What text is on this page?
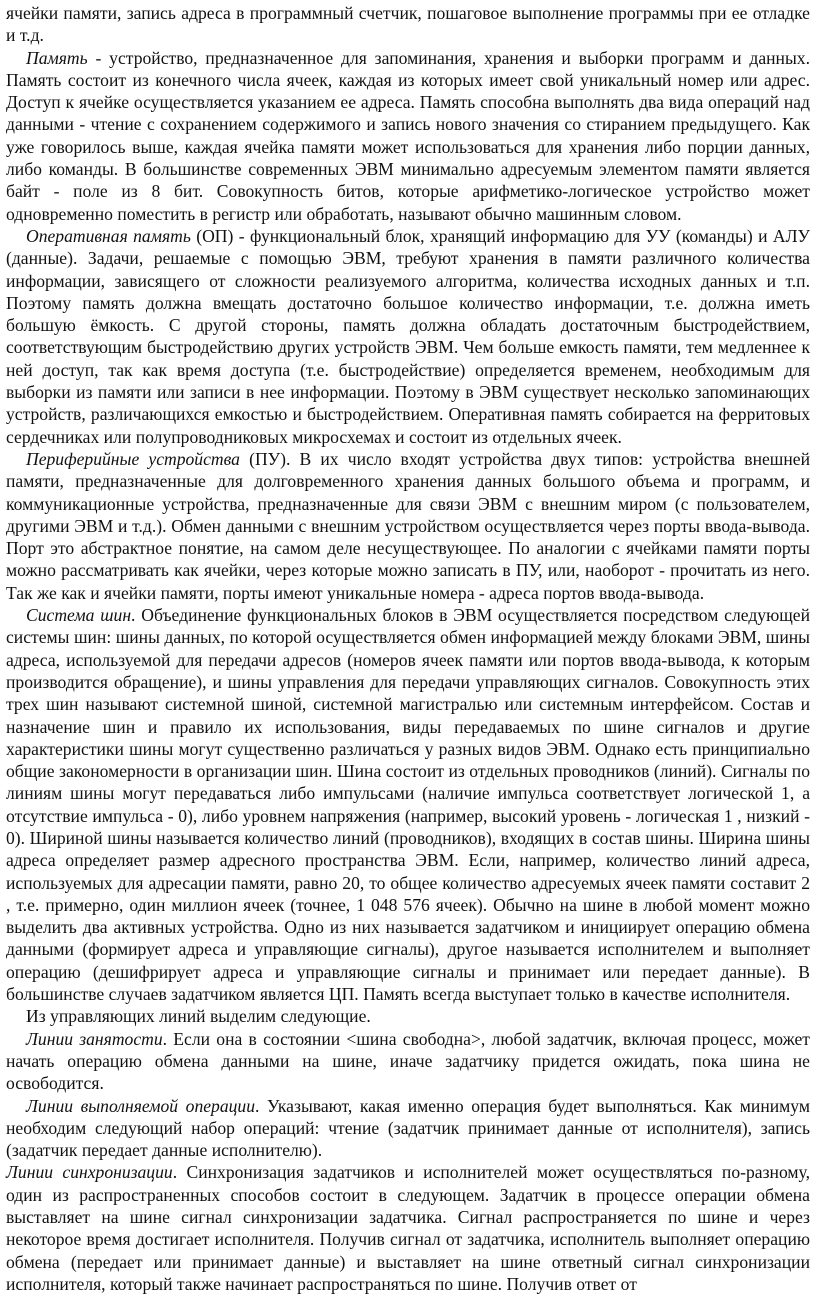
ячейки памяти, запись адреса в программный счетчик, пошаговое выполнение программы при ее отладке и т.д.

Память - устройство, предназначенное для запоминания, хранения и выборки программ и данных. Память состоит из конечного числа ячеек, каждая из которых имеет свой уникальный номер или адрес. Доступ к ячейке осуществляется указанием ее адреса. Память способна выполнять два вида операций над данными - чтение с сохранением содержимого и запись нового значения со стиранием предыдущего. Как уже говорилось выше, каждая ячейка памяти может использоваться для хранения либо порции данных, либо команды. В большинстве современных ЭВМ минимально адресуемым элементом памяти является байт - поле из 8 бит. Совокупность битов, которые арифметико-логическое устройство может одновременно поместить в регистр или обработать, называют обычно машинным словом.

Оперативная память (ОП) - функциональный блок, хранящий информацию для УУ (команды) и АЛУ (данные). Задачи, решаемые с помощью ЭВМ, требуют хранения в памяти различного количества информации, зависящего от сложности реализуемого алгоритма, количества исходных данных и т.п. Поэтому память должна вмещать достаточно большое количество информации, т.е. должна иметь большую ёмкость. С другой стороны, память должна обладать достаточным быстродействием, соответствующим быстродействию других устройств ЭВМ. Чем больше емкость памяти, тем медленнее к ней доступ, так как время доступа (т.е. быстродействие) определяется временем, необходимым для выборки из памяти или записи в нее информации. Поэтому в ЭВМ существует несколько запоминающих устройств, различающихся емкостью и быстродействием. Оперативная память собирается на ферритовых сердечниках или полупроводниковых микросхемах и состоит из отдельных ячеек.

Периферийные устройства (ПУ). В их число входят устройства двух типов: устройства внешней памяти, предназначенные для долговременного хранения данных большого объема и программ, и коммуникационные устройства, предназначенные для связи ЭВМ с внешним миром (с пользователем, другими ЭВМ и т.д.). Обмен данными с внешним устройством осуществляется через порты ввода-вывода. Порт это абстрактное понятие, на самом деле несуществующее. По аналогии с ячейками памяти порты можно рассматривать как ячейки, через которые можно записать в ПУ, или, наоборот - прочитать из него. Так же как и ячейки памяти, порты имеют уникальные номера - адреса портов ввода-вывода.

Система шин. Объединение функциональных блоков в ЭВМ осуществляется посредством следующей системы шин: шины данных, по которой осуществляется обмен информацией между блоками ЭВМ, шины адреса, используемой для передачи адресов (номеров ячеек памяти или портов ввода-вывода, к которым производится обращение), и шины управления для передачи управляющих сигналов. Совокупность этих трех шин называют системной шиной, системной магистралью или системным интерфейсом. Состав и назначение шин и правило их использования, виды передаваемых по шине сигналов и другие характеристики шины могут существенно различаться у разных видов ЭВМ. Однако есть принципиально общие закономерности в организации шин. Шина состоит из отдельных проводников (линий). Сигналы по линиям шины могут передаваться либо импульсами (наличие импульса соответствует логической 1, а отсутствие импульса - 0), либо уровнем напряжения (например, высокий уровень - логическая 1 , низкий - 0). Шириной шины называется количество линий (проводников), входящих в состав шины. Ширина шины адреса определяет размер адресного пространства ЭВМ. Если, например, количество линий адреса, используемых для адресации памяти, равно 20, то общее количество адресуемых ячеек памяти составит 2 , т.е. примерно, один миллион ячеек (точнее, 1 048 576 ячеек). Обычно на шине в любой момент можно выделить два активных устройства. Одно из них называется задатчиком и инициирует операцию обмена данными (формирует адреса и управляющие сигналы), другое называется исполнителем и выполняет операцию (дешифрирует адреса и управляющие сигналы и принимает или передает данные). В большинстве случаев задатчиком является ЦП. Память всегда выступает только в качестве исполнителя.

Из управляющих линий выделим следующие.

Линии занятости. Если она в состоянии <шина свободна>, любой задатчик, включая процесс, может начать операцию обмена данными на шине, иначе задатчику придется ожидать, пока шина не освободится.

Линии выполняемой операции. Указывают, какая именно операция будет выполняться. Как минимум необходим следующий набор операций: чтение (задатчик принимает данные от исполнителя), запись (задатчик передает данные исполнителю).

Линии синхронизации. Синхронизация задатчиков и исполнителей может осуществляться по-разному, один из распространенных способов состоит в следующем. Задатчик в процессе операции обмена выставляет на шине сигнал синхронизации задатчика. Сигнал распространяется по шине и через некоторое время достигает исполнителя. Получив сигнал от задатчика, исполнитель выполняет операцию обмена (передает или принимает данные) и выставляет на шине ответный сигнал синхронизации исполнителя, который также начинает распространяться по шине. Получив ответ от
